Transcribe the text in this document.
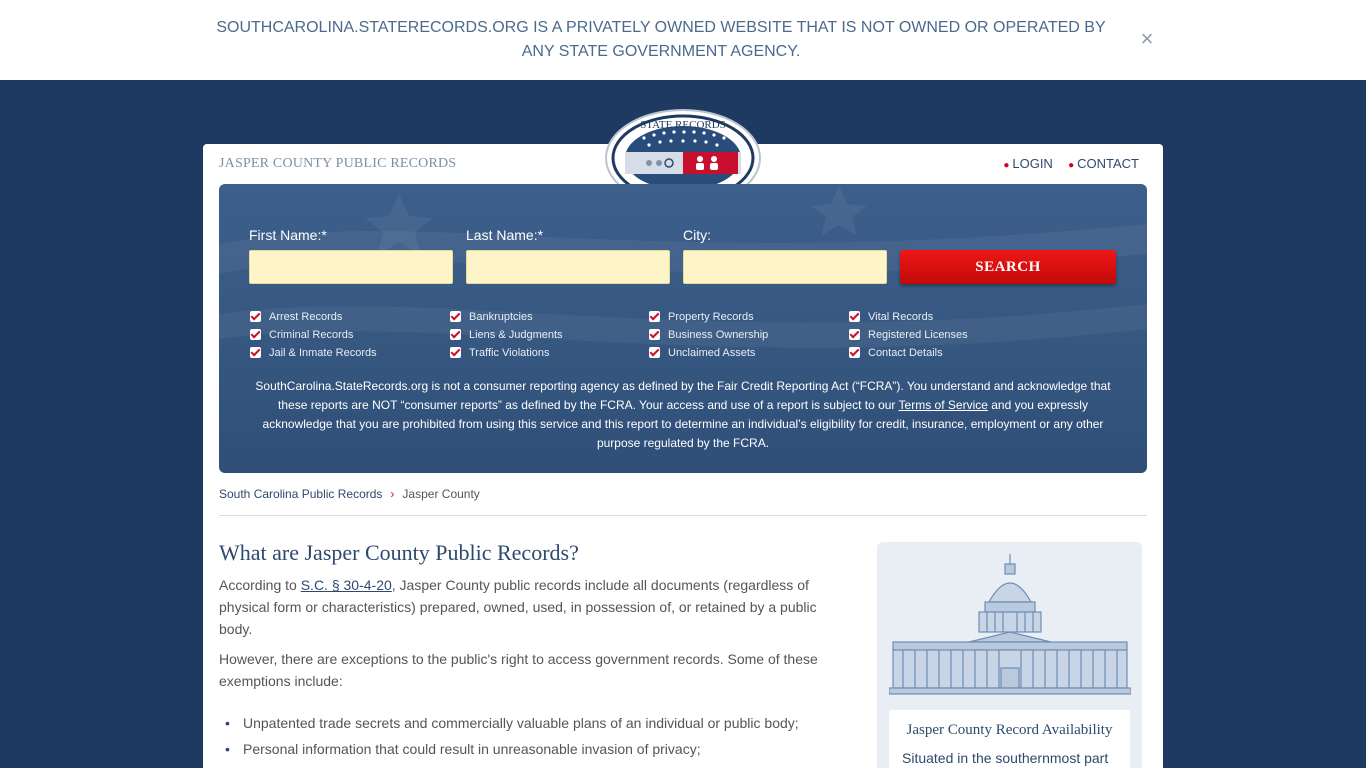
SOUTHCAROLINA.STATERECORDS.ORG IS A PRIVATELY OWNED WEBSITE THAT IS NOT OWNED OR OPERATED BY ANY STATE GOVERNMENT AGENCY.
×
JASPER COUNTY PUBLIC RECORDS	● LOGIN ● CONTACT
STATE RECORDS
First Name:*	Last Name:*	City:
SEARCH
Arrest Records
Criminal Records
Jail & Inmate Records
Bankruptcies
Liens & Judgments
Traffic Violations
Property Records
Business Ownership
Unclaimed Assets
Vital Records
Registered Licenses
Contact Details
SouthCarolina.StateRecords.org is not a consumer reporting agency as defined by the Fair Credit Reporting Act (“FCRA”). You understand and acknowledge that these reports are NOT “consumer reports” as defined by the FCRA. Your access and use of a report is subject to our Terms of Service and you expressly acknowledge that you are prohibited from using this service and this report to determine an individual’s eligibility for credit, insurance, employment or any other purpose regulated by the FCRA.
South Carolina Public Records › Jasper County
What are Jasper County Public Records?

According to S.C. § 30-4-20, Jasper County public records include all documents (regardless of physical form or characteristics) prepared, owned, used, in possession of, or retained by a public body.

However, there are exceptions to the public's right to access government records. Some of these exemptions include:

• Unpatented trade secrets and commercially valuable plans of an individual or public body;
• Personal information that could result in unreasonable invasion of privacy;
Jasper County Record Availability
Situated in the southernmost part
